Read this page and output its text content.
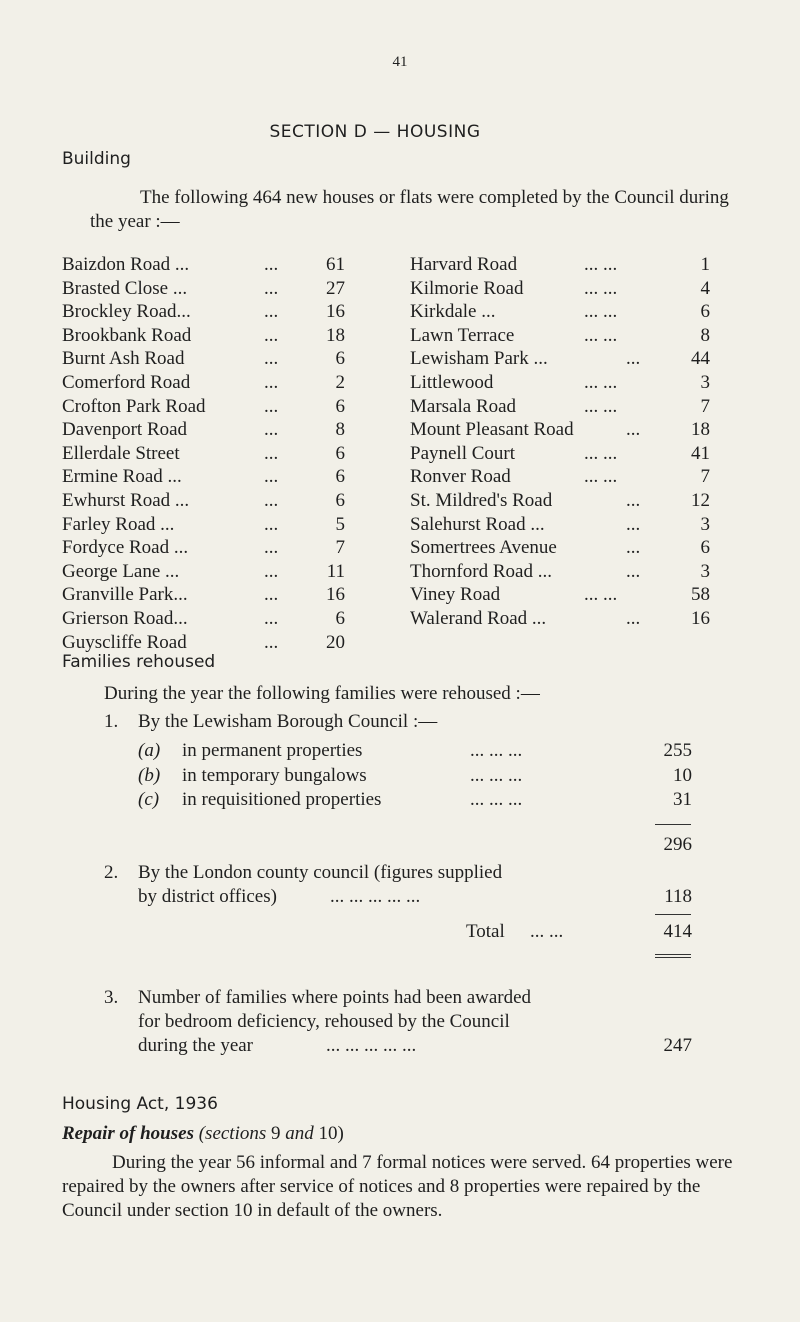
41
SECTION D — HOUSING
Building
The following 464 new houses or flats were completed by the Council during the year :—
Baizdon Road ...	...	61
Brasted Close ...	...	27
Brockley Road...	...	16
Brookbank Road	...	18
Burnt Ash Road	...	6
Comerford Road	...	2
Crofton Park Road	...	6
Davenport Road	...	8
Ellerdale Street	...	6
Ermine Road ...	...	6
Ewhurst Road ...	...	6
Farley Road ...	...	5
Fordyce Road ...	...	7
George Lane ...	...	11
Granville Park...	...	16
Grierson Road...	...	6
Guyscliffe Road	...	20
Harvard Road	... ...	1
Kilmorie Road	... ...	4
Kirkdale ...	... ...	6
Lawn Terrace	... ...	8
Lewisham Park ...	...	44
Littlewood	... ...	3
Marsala Road	... ...	7
Mount Pleasant Road	...	18
Paynell Court	... ...	41
Ronver Road	... ...	7
St. Mildred's Road	...	12
Salehurst Road ...	...	3
Somertrees Avenue	...	6
Thornford Road ...	...	3
Viney Road	... ...	58
Walerand Road ...	...	16
Families rehoused
During the year the following families were rehoused :—
1. By the Lewisham Borough Council :—
(a) in permanent properties	... ... ...	255
(b) in temporary bungalows	... ... ...	10
(c) in requisitioned properties	... ... ...	31
296
2. By the London county council (figures supplied
by district offices)	... ... ... ... ...	118
Total ... ...	414
3. Number of families where points had been awarded
for bedroom deficiency, rehoused by the Council
during the year	... ... ... ... ...	247
Housing Act, 1936
Repair of houses (sections 9 and 10)
During the year 56 informal and 7 formal notices were served. 64 properties were repaired by the owners after service of notices and 8 properties were repaired by the Council under section 10 in default of the owners.
